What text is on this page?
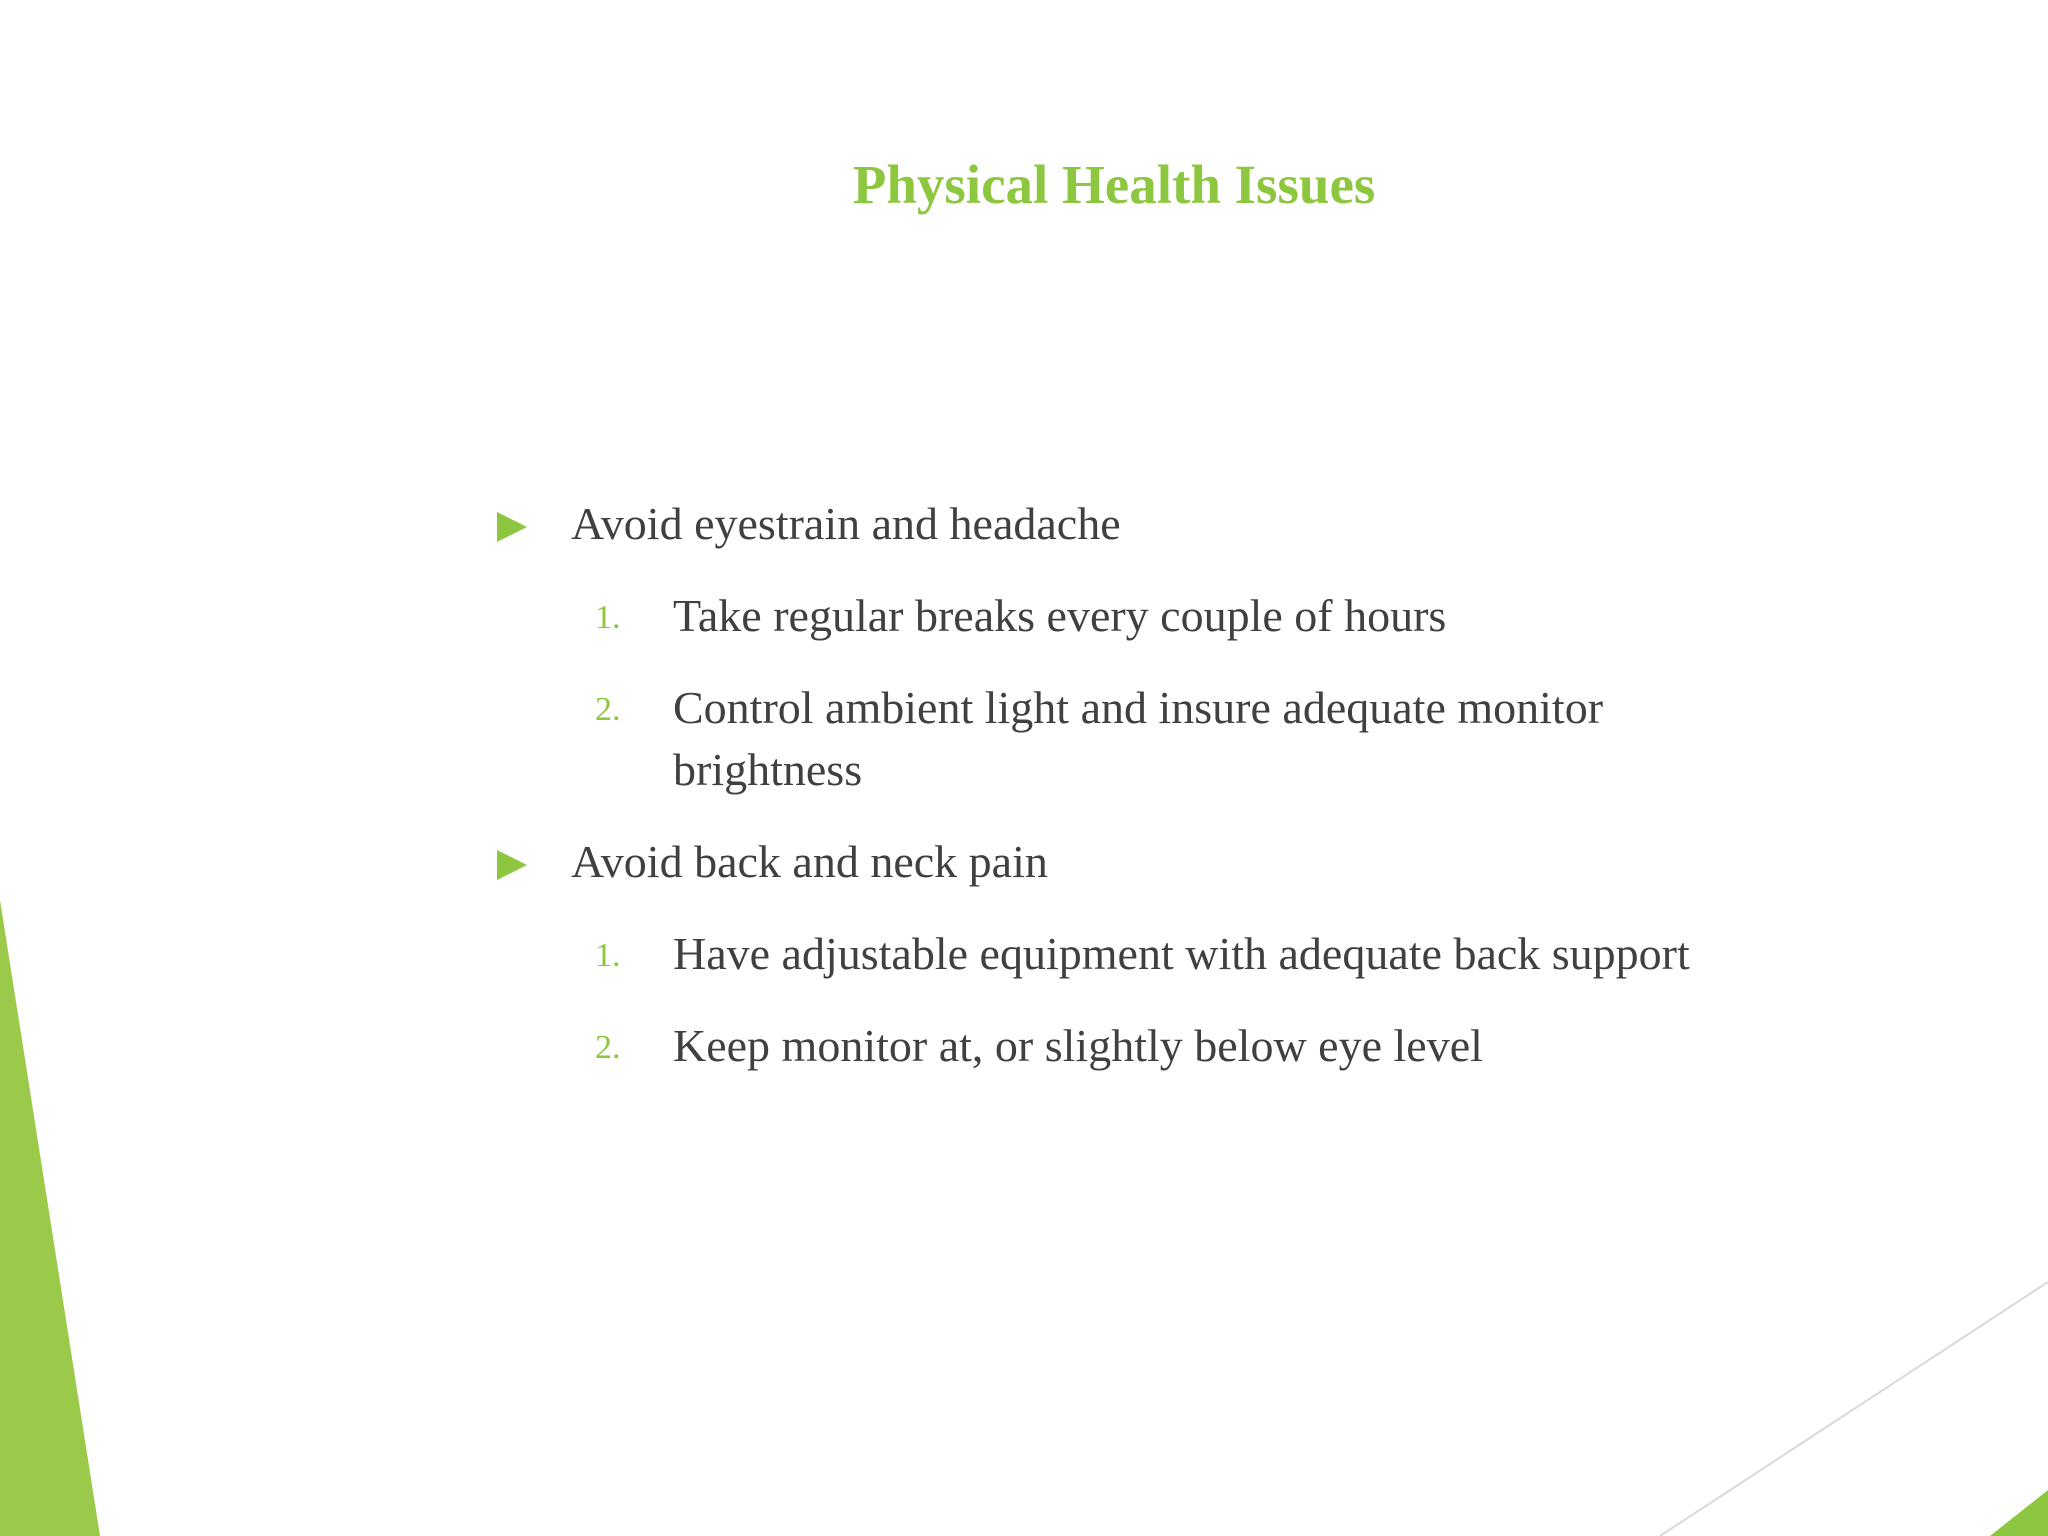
Physical Health Issues
Avoid eyestrain and headache
1. Take regular breaks every couple of hours
2. Control ambient light and insure adequate monitor brightness
Avoid back and neck pain
1. Have adjustable equipment with adequate back support
2. Keep monitor at, or slightly below eye level
